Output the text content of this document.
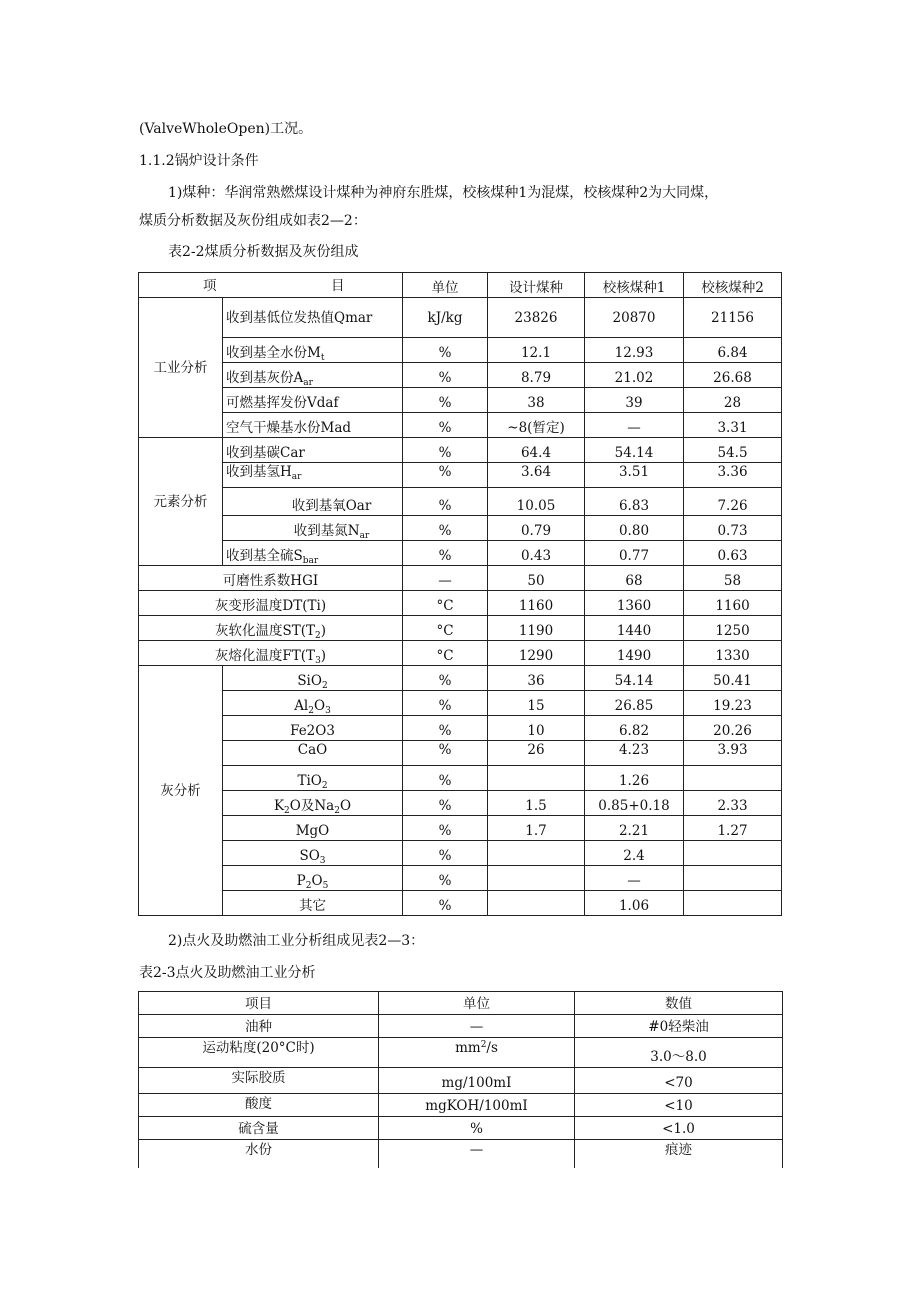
(ValveWholeOpen)工况。
1.1.2锅炉设计条件
1)煤种：华润常熟燃煤设计煤种为神府东胜煤，校核煤种1为混煤，校核煤种2为大同煤，
煤质分析数据及灰份组成如表2—2：
表2-2煤质分析数据及灰份组成
项 目		单位	设计煤种	校核煤种1	校核煤种2
工业分析	收到基低位发热值Qmar	kJ/kg	23826	20870	21156
	收到基全水份$M_t$	%	12.1	12.93	6.84
	收到基灰份$A_{ar}$	%	8.79	21.02	26.68
	可燃基挥发份Vdaf	%	38	39	28
	空气干燥基水份Mad	%	~8(暂定)	—	3.31
元素分析	收到基碳Car	%	64.4	54.14	54.5
	收到基氢$H_{ar}$	%	3.64	3.51	3.36
	收到基氧Oar	%	10.05	6.83	7.26
	收到基氮$N_{ar}$	%	0.79	0.80	0.73
	收到基全硫$S_{bar}$	%	0.43	0.77	0.63
可磨性系数HGI		—	50	68	58
灰变形温度DT(Ti)		°C	1160	1360	1160
灰软化温度$ST(T_2)$		°C	1190	1440	1250
灰熔化温度$FT(T_3)$		°C	1290	1490	1330
灰分析	SiO$_2$	%	36	54.14	50.41
	$Al_2O_3$	%	15	26.85	19.23
	Fe2O3	%	10	6.82	20.26
	CaO	%	26	4.23	3.93
	TiO$_2$	%		1.26	
	$K_2O$及$Na_2O$	%	1.5	0.85+0.18	2.33
	MgO	%	1.7	2.21	1.27
	$SO_3$	%		2.4	
	$P_2O_5$	%		—	
	其它	%		1.06	
2)点火及助燃油工业分析组成见表2—3：
表2-3点火及助燃油工业分析
项目	单位	数值
油种	—	#0轻柴油
运动粘度(20°C时)	$mm^2/s$	3.0～8.0
实际胶质	mg/100mI	<70
酸度	mgKOH/100mI	<10
硫含量	%	<1.0
水份	—	痕迹
